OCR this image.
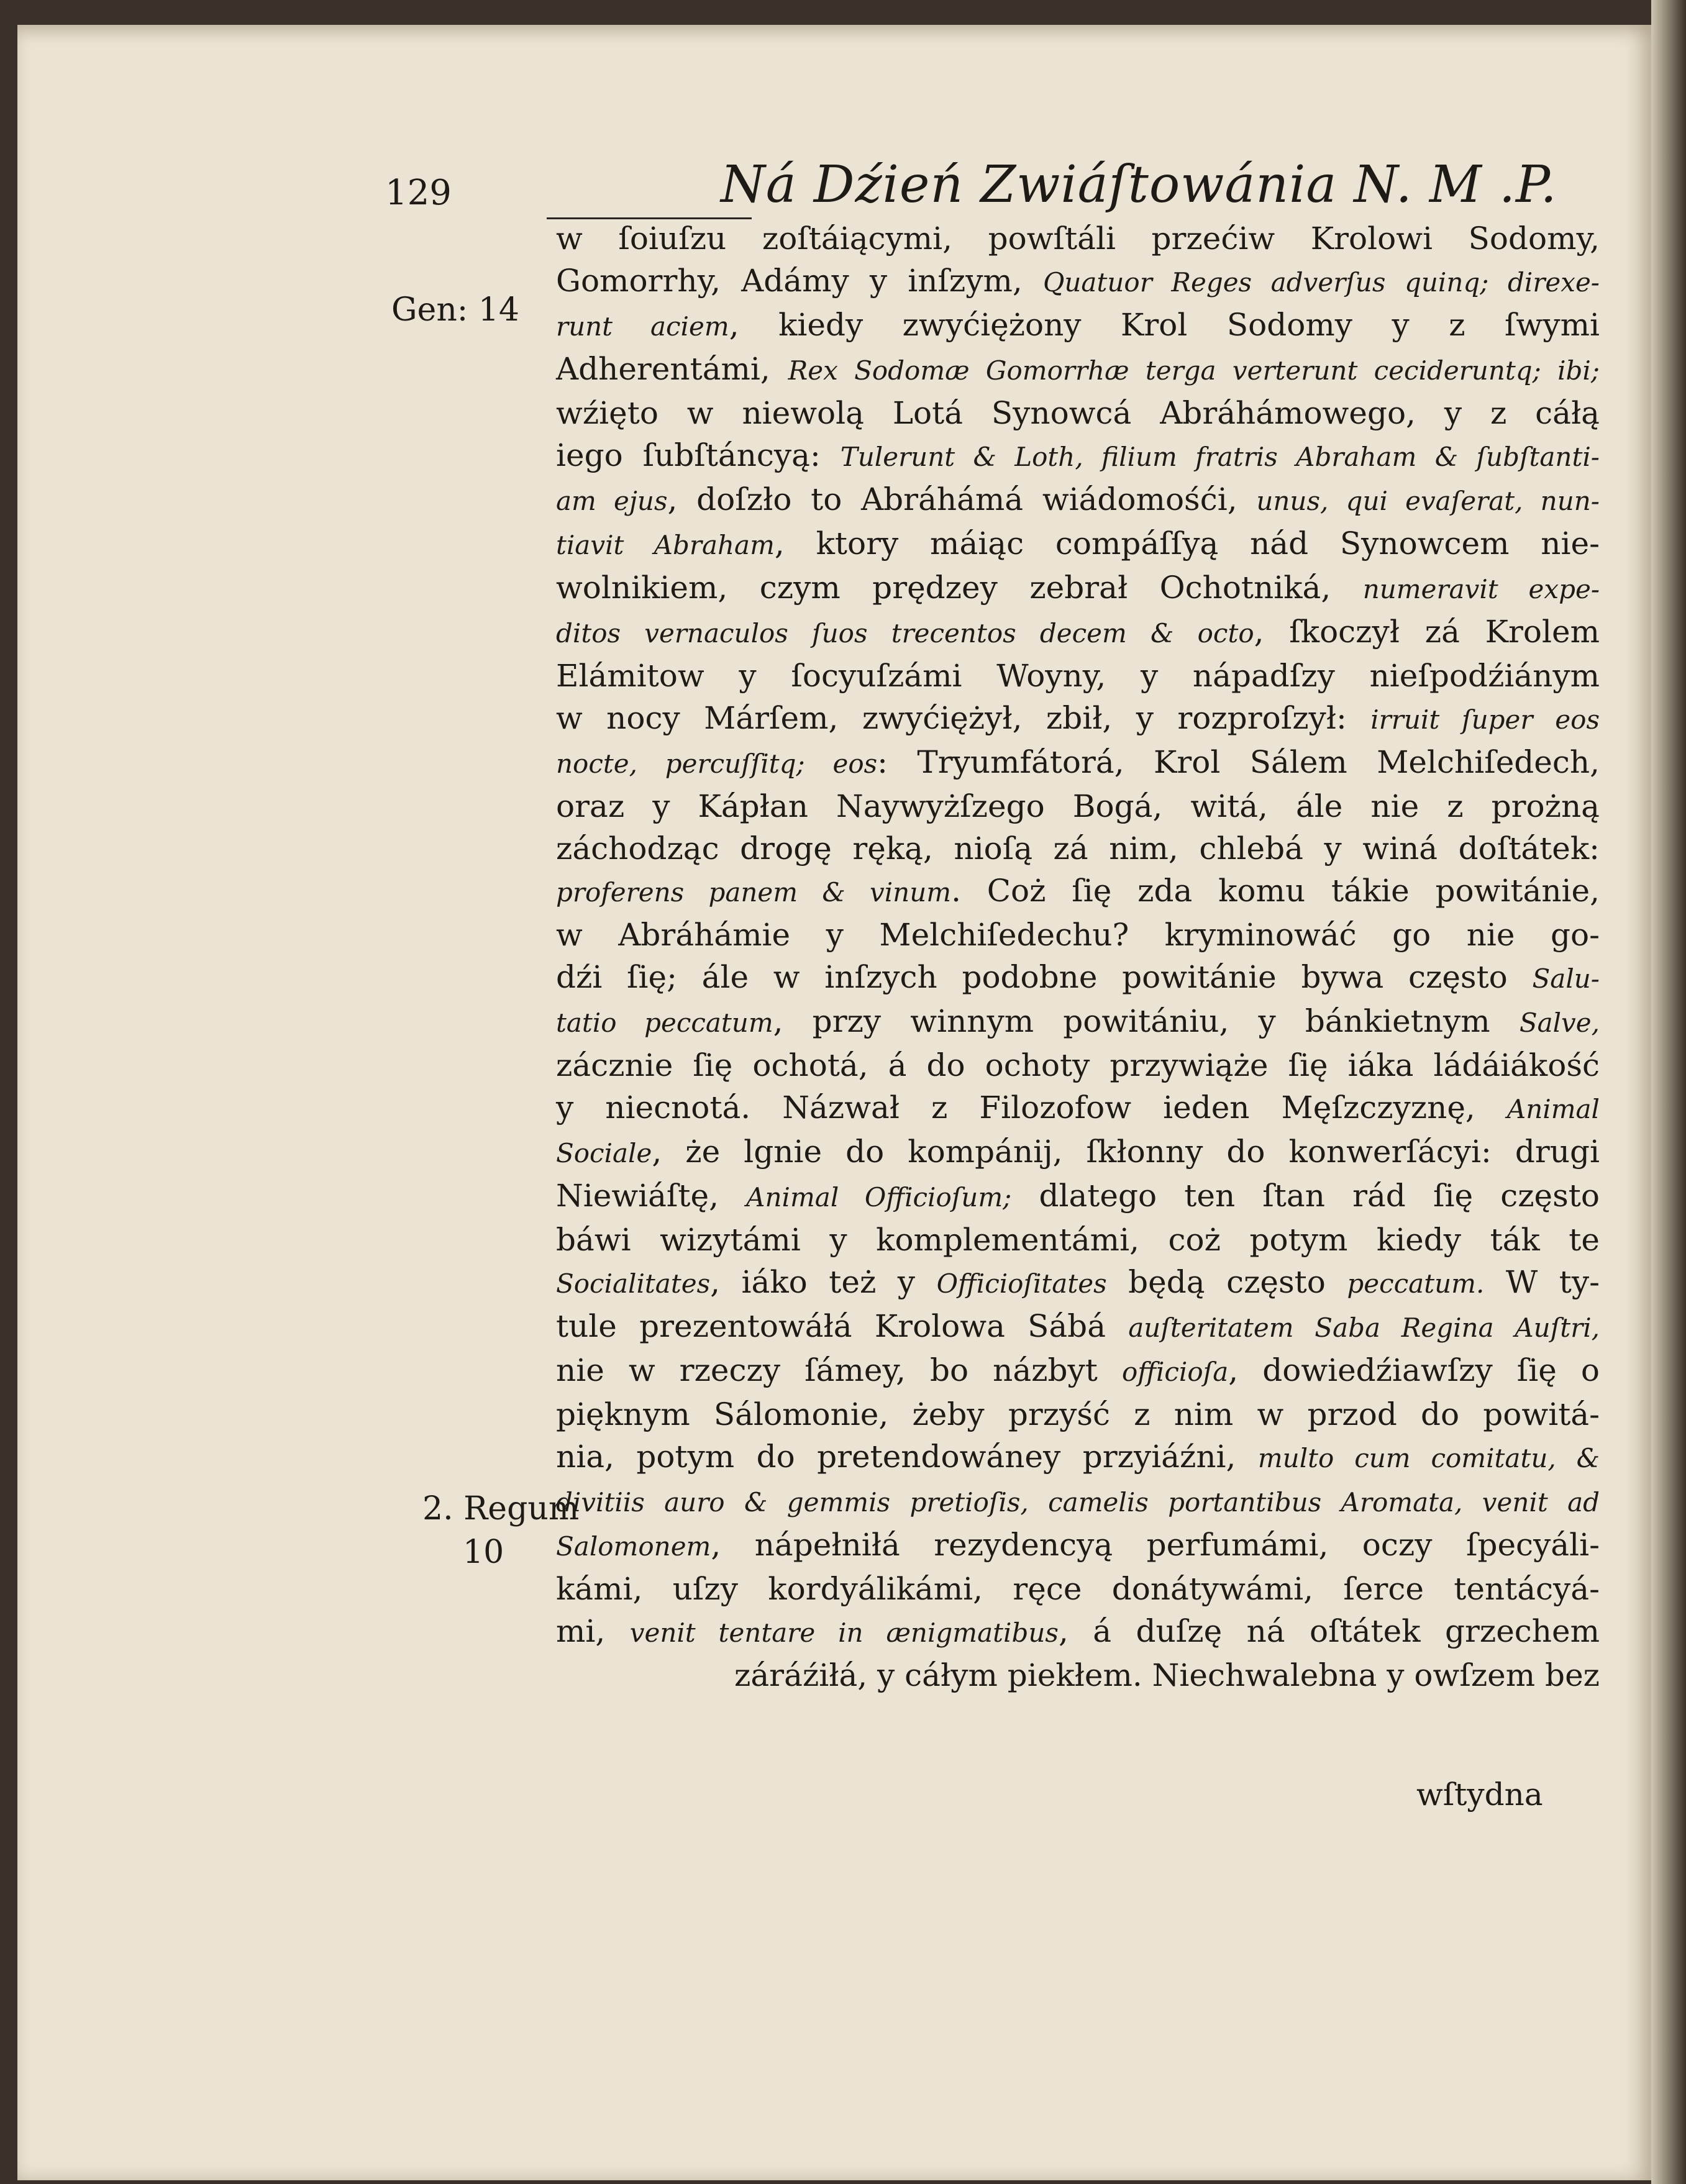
129	Ná Dźień Zwiáſtowánia N. M .P.
Gen: 14
2. Regum
10
w ſoiuſzu zoſtáiącymi, powſtáli przećiw Krolowi Sodomy,
Gomorrhy, Adámy y inſzym, Quatuor Reges adverſus quinq; direxe-
runt aciem, kiedy zwyćiężony Krol Sodomy y z ſwymi
Adherentámi, Rex Sodomæ Gomorrhæ terga verterunt cecideruntq; ibi;
wźięto w niewolą Lotá Synowcá Abráhámowego, y z cáłą
iego ſubſtáncyą: Tulerunt & Loth, filium fratris Abraham & ſubſtanti-
am ejus, doſzło to Abráhámá wiádomośći, unus, qui evaſerat, nun-
tiavit Abraham, ktory máiąc compáſſyą nád Synowcem nie-
wolnikiem, czym prędzey zebrał Ochotniká, numeravit expe-
ditos vernaculos ſuos trecentos decem & octo, ſkoczył zá Krolem
Elámitow y ſocyuſzámi Woyny, y nápadſzy nieſpodźiánym
w nocy Márſem, zwyćiężył, zbił, y rozproſzył: irruit ſuper eos
nocte, percuſſitq; eos: Tryumfátorá, Krol Sálem Melchiſedech,
oraz y Kápłan Naywyżſzego Bogá, witá, ále nie z prożną
záchodząc drogę ręką, nioſą zá nim, chlebá y winá doſtátek:
proferens panem & vinum. Coż ſię zda komu tákie powitánie,
w Abráhámie y Melchiſedechu? kryminowáć go nie go-
dźi ſię; ále w inſzych podobne powitánie bywa często Salu-
tatio peccatum, przy winnym powitániu, y bánkietnym Salve,
zácznie ſię ochotá, á do ochoty przywiąże ſię iáka ládáiákość
y niecnotá. Názwał z Filozofow ieden Męſzczyznę, Animal
Sociale, że lgnie do kompánij, ſkłonny do konwerſácyi: drugi
Niewiáſtę, Animal Officioſum; dlatego ten ſtan rád ſię często
báwi wizytámi y komplementámi, coż potym kiedy ták te
Socialitates, iáko też y Officioſitates będą często peccatum. W ty-
tule prezentowáłá Krolowa Sábá auſteritatem Saba Regina Auſtri,
nie w rzeczy ſámey, bo názbyt officioſa, dowiedźiawſzy ſię o
pięknym Sálomonie, żeby przyść z nim w przod do powitá-
nia, potym do pretendowáney przyiáźni, multo cum comitatu, &
divitiis auro & gemmis pretioſis, camelis portantibus Aromata, venit ad
Salomonem, nápełniłá rezydencyą perfumámi, oczy ſpecyáli-
kámi, uſzy kordyálikámi, ręce donátywámi, ſerce tentácyá-
mi, venit tentare in ænigmatibus, á duſzę ná oſtátek grzechem
záráźiłá, y cáłym piekłem. Niechwalebna y owſzem bez
wſtydna
